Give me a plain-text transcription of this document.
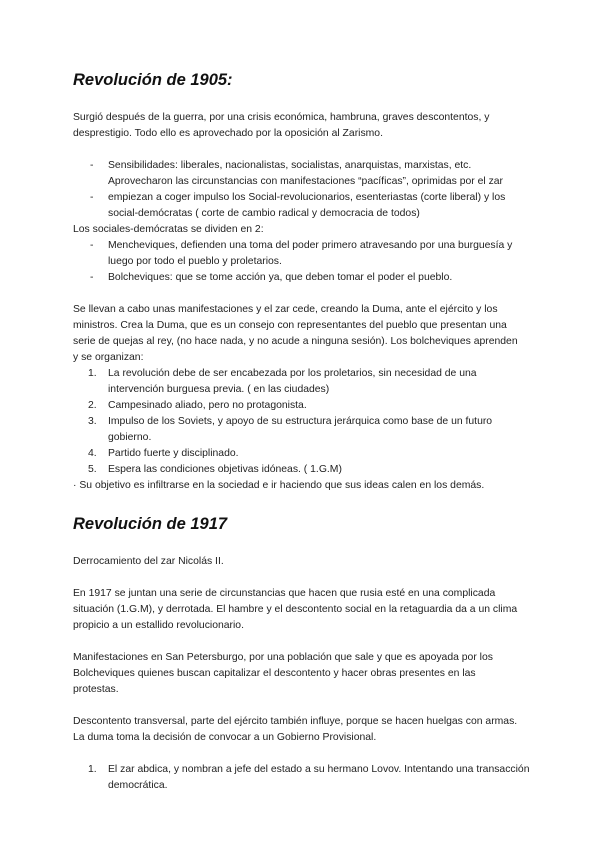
Revolución de 1905:

Surgió después de la guerra, por una crisis económica, hambruna, graves descontentos, y desprestigio. Todo ello es aprovechado por la oposición al Zarismo.

- Sensibilidades: liberales, nacionalistas, socialistas, anarquistas, marxistas, etc. Aprovecharon las circunstancias con manifestaciones “pacíficas”, oprimidas por el zar
- empiezan a coger impulso los Social-revolucionarios, esenteriastas (corte liberal) y los social-demócratas ( corte de cambio radical y democracia de todos)

Los sociales-demócratas se dividen en 2:

- Mencheviques, defienden una toma del poder primero atravesando por una burguesía y luego por todo el pueblo y proletarios.
- Bolcheviques: que se tome acción ya, que deben tomar el poder el pueblo.

Se llevan a cabo unas manifestaciones y el zar cede, creando la Duma, ante el ejército y los ministros. Crea la Duma, que es un consejo con representantes del pueblo que presentan una serie de quejas al rey, (no hace nada, y no acude a ninguna sesión). Los bolcheviques aprenden y se organizan:

1. La revolución debe de ser encabezada por los proletarios, sin necesidad de una intervención burguesa previa. ( en las ciudades)
2. Campesinado aliado, pero no protagonista.
3. Impulso de los Soviets, y apoyo de su estructura jerárquica como base de un futuro gobierno.
4. Partido fuerte y disciplinado.
5. Espera las condiciones objetivas idóneas. ( 1.G.M)

· Su objetivo es infiltrarse en la sociedad e ir haciendo que sus ideas calen en los demás.

Revolución de 1917

Derrocamiento del zar Nicolás II.

En 1917 se juntan una serie de circunstancias que hacen que rusia esté en una complicada situación (1.G.M), y derrotada. El hambre y el descontento social en la retaguardia da a un clima propicio a un estallido revolucionario.

Manifestaciones en San Petersburgo, por una población que sale y que es apoyada por los Bolcheviques quienes buscan capitalizar el descontento y hacer obras presentes en las protestas.

Descontento transversal, parte del ejército también influye, porque se hacen huelgas con armas. La duma toma la decisión de convocar a un Gobierno Provisional.

1. El zar abdica, y nombran a jefe del estado a su hermano Lovov. Intentando una transacción democrática.
